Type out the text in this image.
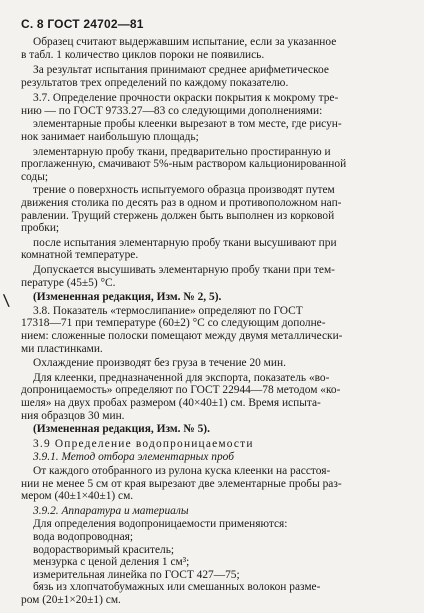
С. 8 ГОСТ 24702—81
\
Образец считают выдержавшим испытание, если за указанное
в табл. 1 количество циклов пороки не появились.
За результат испытания принимают среднее арифметическое
результатов трех определений по каждому показателю.
3.7. Определение прочности окраски покрытия к мокрому тре-
нию — по ГОСТ 9733.27—83 со следующими дополнениями:
элементарные пробы клеенки вырезают в том месте, где рисун-
нок занимает наибольшую площадь;
элементарную пробу ткани, предварительно простиранную и
проглаженную, смачивают 5%-ным раствором кальционированной
соды;
трение о поверхность испытуемого образца производят путем
движения столика по десять раз в одном и противоположном нап-
равлении. Трущий стержень должен быть выполнен из корковой
пробки;
после испытания элементарную пробу ткани высушивают при
комнатной температуре.
Допускается высушивать элементарную пробу ткани при тем-
пературе (45±5) °С.
(Измененная редакция, Изм. № 2, 5).
3.8. Показатель «термослипание» определяют по ГОСТ
17318—71 при температуре (60±2) °С со следующим дополне-
нием: сложенные полоски помещают между двумя металлически-
ми пластинками.
Охлаждение производят без груза в течение 20 мин.
Для клеенки, предназначенной для экспорта, показатель «во-
допроницаемость» определяют по ГОСТ 22944—78 методом «ко-
шеля» на двух пробах размером (40×40±1) см. Время испыта-
ния образцов 30 мин.
(Измененная редакция, Изм. № 5).
3.9 Определение водопроницаемости
3.9.1. Метод отбора элементарных проб
От каждого отобранного из рулона куска клеенки на расстоя-
нии не менее 5 см от края вырезают две элементарные пробы раз-
мером (40±1×40±1) см.
3.9.2. Аппаратура и материалы
Для определения водопроницаемости применяются:
вода водопроводная;
водорастворимый краситель;
мензурка с ценой деления 1 см³;
измерительная линейка по ГОСТ 427—75;
бязь из хлопчатобумажных или смешанных волокон разме-
ром (20±1×20±1) см.
